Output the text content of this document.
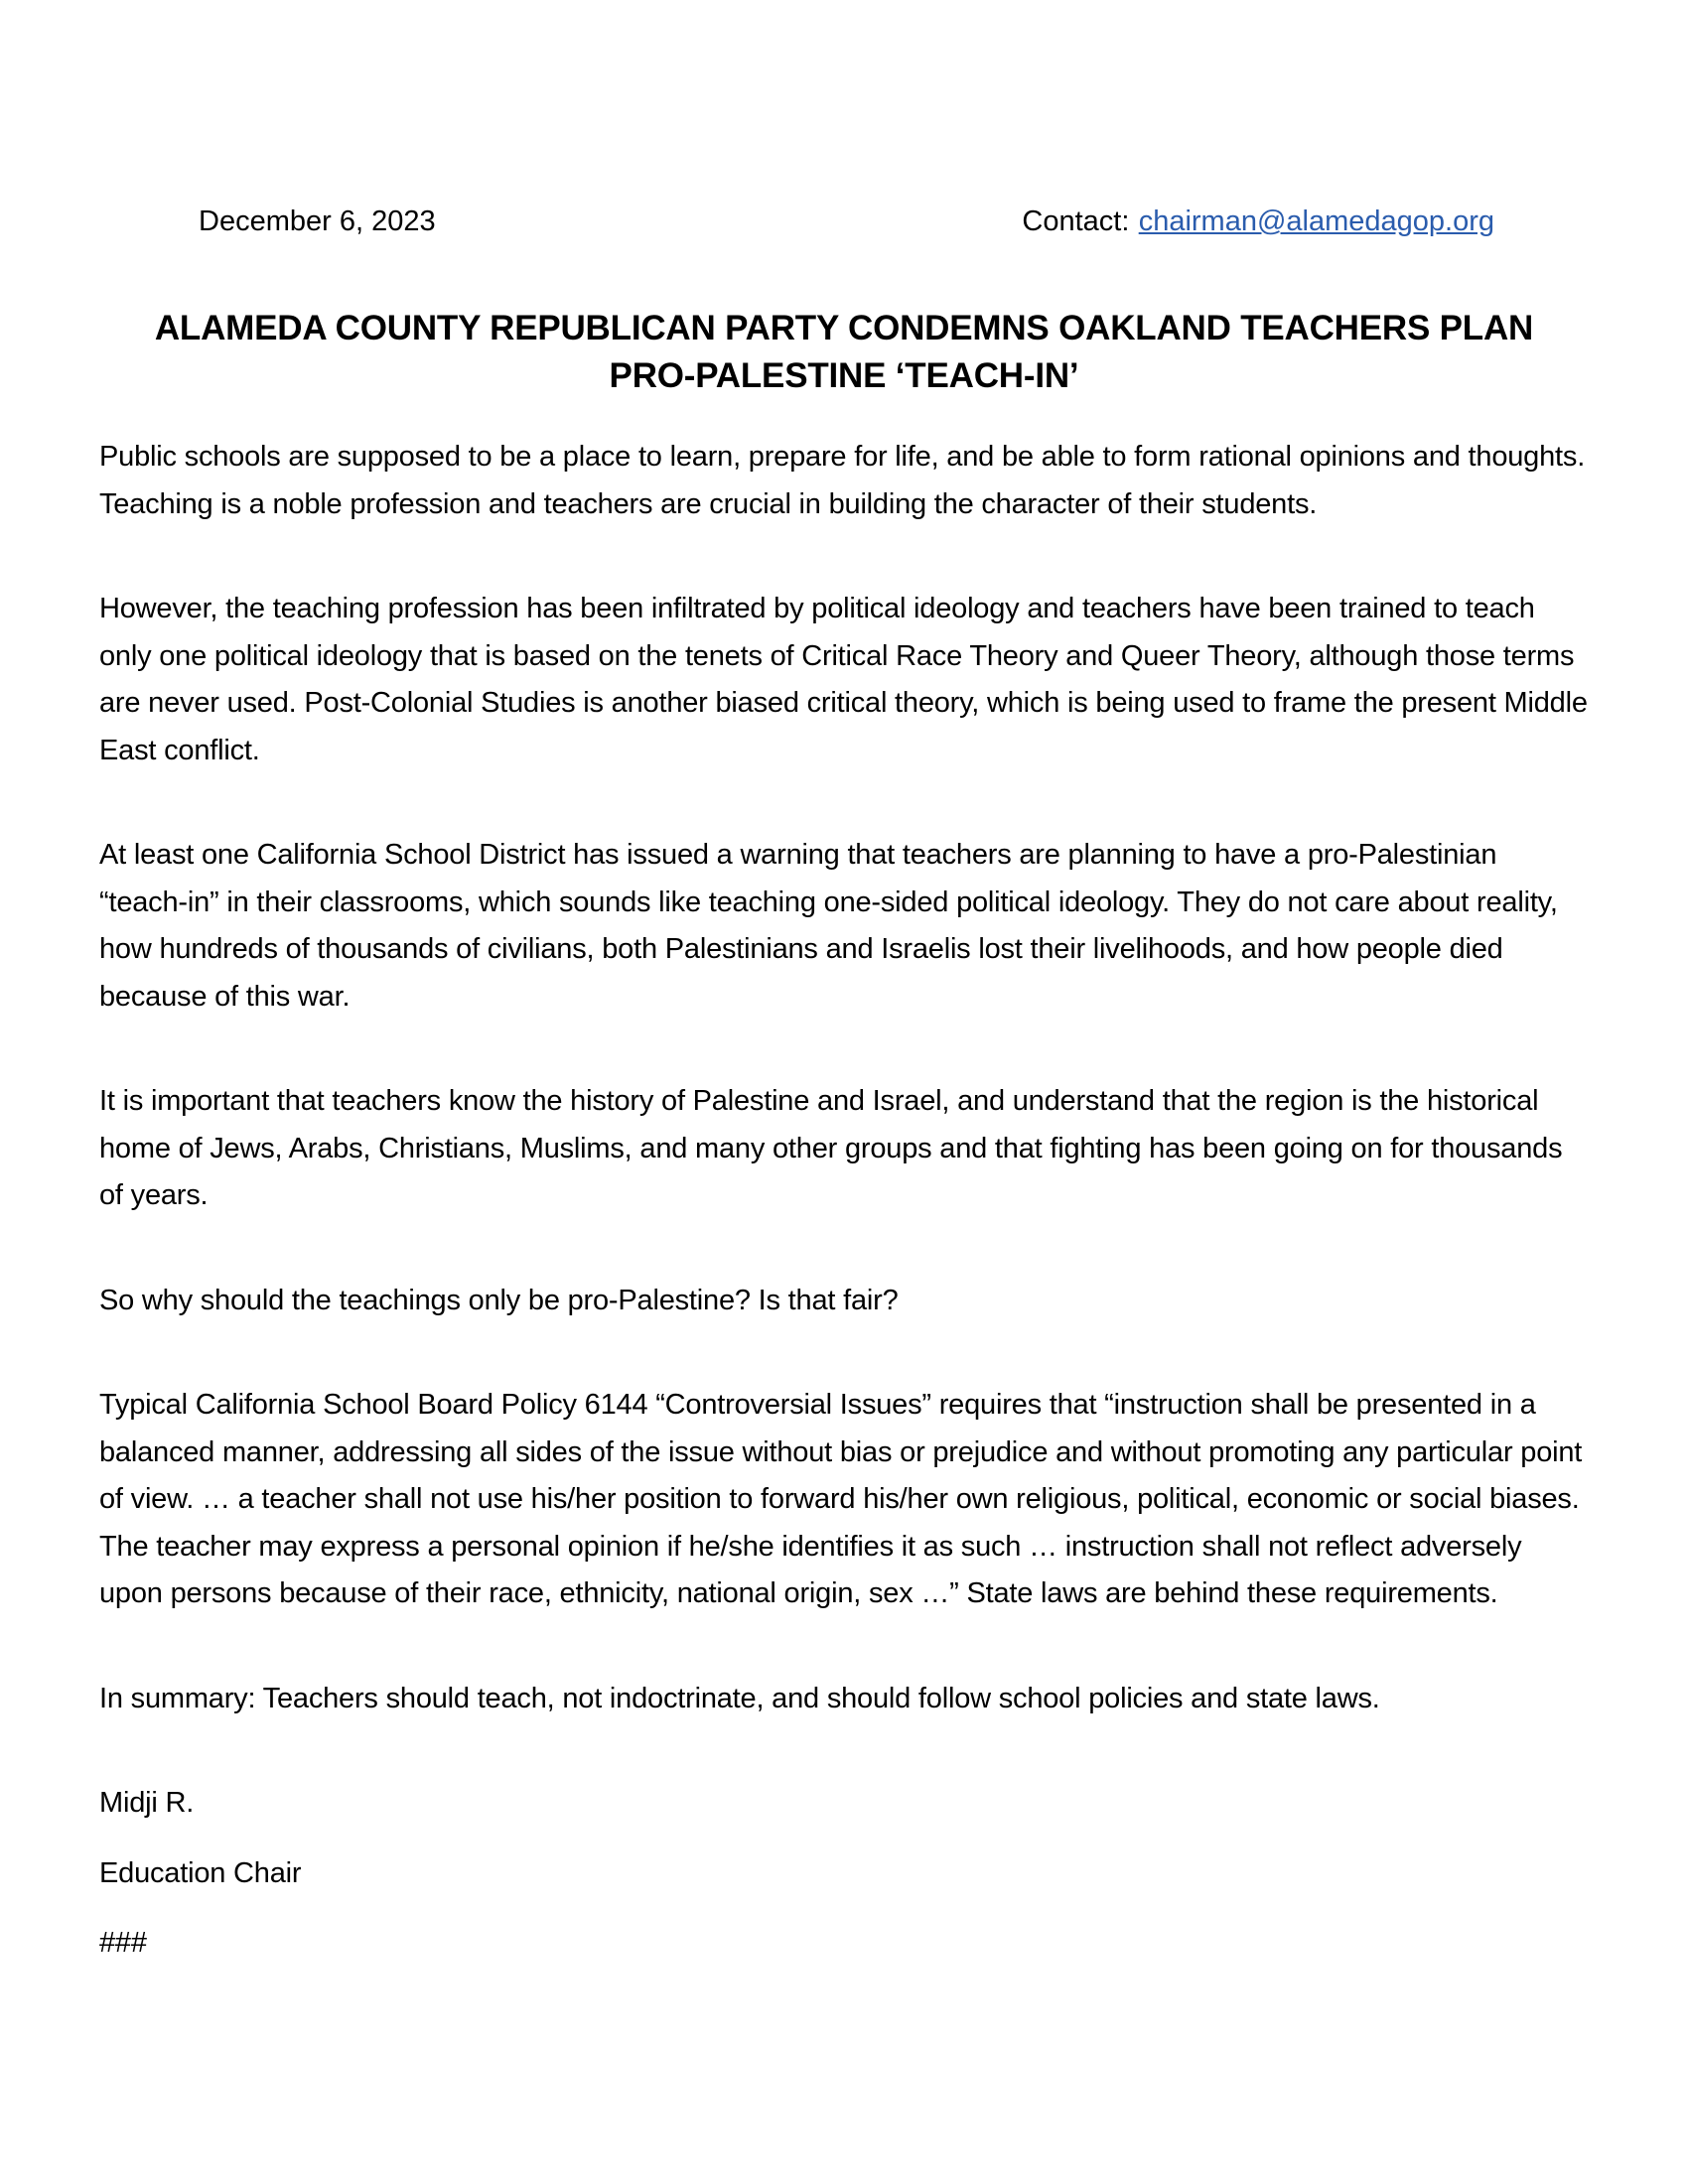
December 6, 2023	Contact: chairman@alamedagop.org
ALAMEDA COUNTY REPUBLICAN PARTY CONDEMNS OAKLAND TEACHERS PLAN
PRO-PALESTINE ‘TEACH-IN’

Public schools are supposed to be a place to learn, prepare for life, and be able to form rational opinions and thoughts. Teaching is a noble profession and teachers are crucial in building the character of their students.

However, the teaching profession has been infiltrated by political ideology and teachers have been trained to teach only one political ideology that is based on the tenets of Critical Race Theory and Queer Theory, although those terms are never used. Post-Colonial Studies is another biased critical theory, which is being used to frame the present Middle East conflict.

At least one California School District has issued a warning that teachers are planning to have a pro-Palestinian “teach-in” in their classrooms, which sounds like teaching one-sided political ideology. They do not care about reality, how hundreds of thousands of civilians, both Palestinians and Israelis lost their livelihoods, and how people died because of this war.

It is important that teachers know the history of Palestine and Israel, and understand that the region is the historical home of Jews, Arabs, Christians, Muslims, and many other groups and that fighting has been going on for thousands of years.

So why should the teachings only be pro-Palestine? Is that fair?

Typical California School Board Policy 6144 “Controversial Issues” requires that “instruction shall be presented in a balanced manner, addressing all sides of the issue without bias or prejudice and without promoting any particular point of view. … a teacher shall not use his/her position to forward his/her own religious, political, economic or social biases. The teacher may express a personal opinion if he/she identifies it as such … instruction shall not reflect adversely upon persons because of their race, ethnicity, national origin, sex …” State laws are behind these requirements.

In summary: Teachers should teach, not indoctrinate, and should follow school policies and state laws.

Midji R.

Education Chair

###
